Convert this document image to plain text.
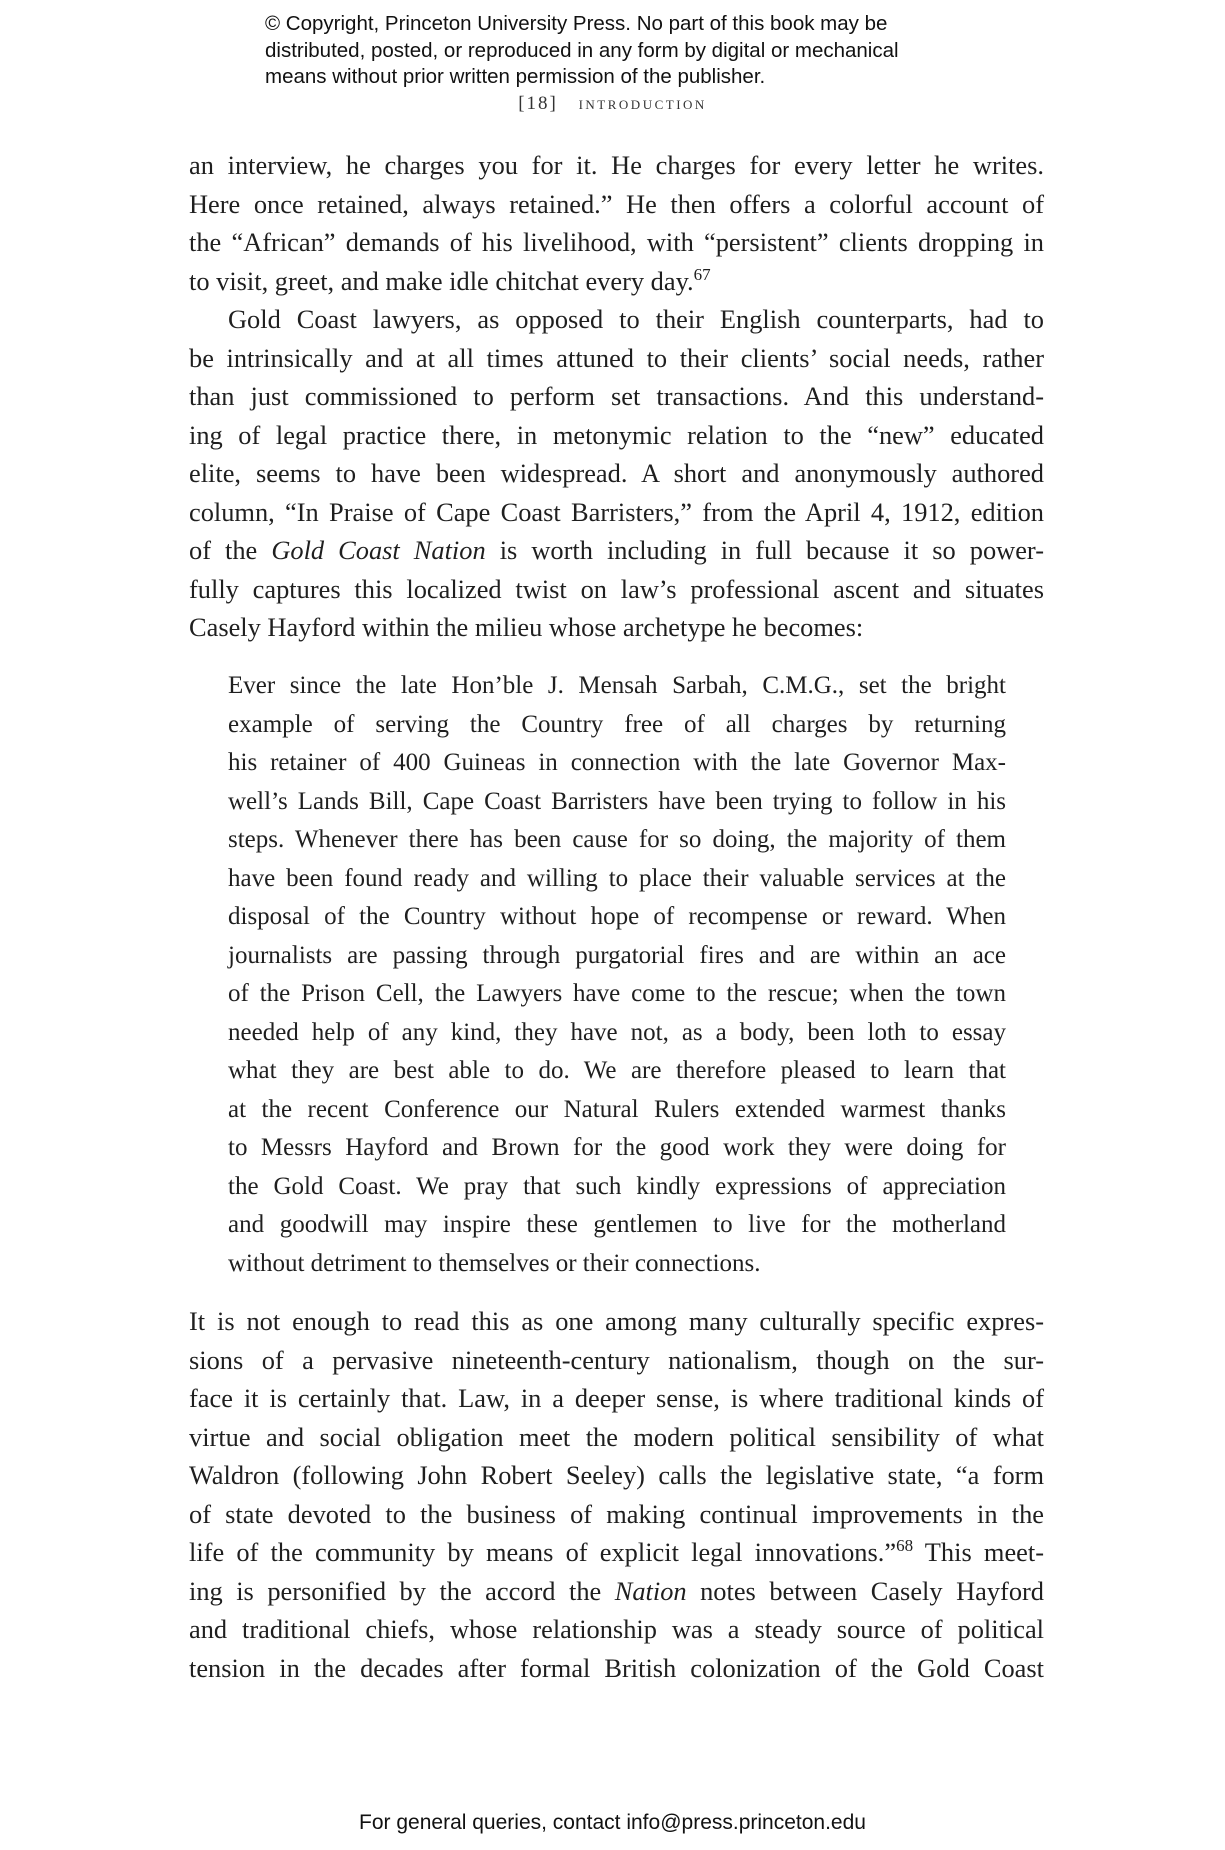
© Copyright, Princeton University Press. No part of this book may be
distributed, posted, or reproduced in any form by digital or mechanical
means without prior written permission of the publisher.
[18] introduction
an interview, he charges you for it. He charges for every letter he writes.
Here once retained, always retained.” He then offers a colorful account of
the “African” demands of his livelihood, with “persistent” clients dropping in
to visit, greet, and make idle chitchat every day.$^{67}$
Gold Coast lawyers, as opposed to their English counterparts, had to
be intrinsically and at all times attuned to their clients’ social needs, rather
than just commissioned to perform set transactions. And this understand-
ing of legal practice there, in metonymic relation to the “new” educated
elite, seems to have been widespread. A short and anonymously authored
column, “In Praise of Cape Coast Barristers,” from the April 4, 1912, edition
of the Gold Coast Nation is worth including in full because it so power-
fully captures this localized twist on law’s professional ascent and situates
Casely Hayford within the milieu whose archetype he becomes:
Ever since the late Hon’ble J. Mensah Sarbah, C.M.G., set the bright
example of serving the Country free of all charges by returning
his retainer of 400 Guineas in connection with the late Governor Max-
well’s Lands Bill, Cape Coast Barristers have been trying to follow in his
steps. Whenever there has been cause for so doing, the majority of them
have been found ready and willing to place their valuable services at the
disposal of the Country without hope of recompense or reward. When
journalists are passing through purgatorial fires and are within an ace
of the Prison Cell, the Lawyers have come to the rescue; when the town
needed help of any kind, they have not, as a body, been loth to essay
what they are best able to do. We are therefore pleased to learn that
at the recent Conference our Natural Rulers extended warmest thanks
to Messrs Hayford and Brown for the good work they were doing for
the Gold Coast. We pray that such kindly expressions of appreciation
and goodwill may inspire these gentlemen to live for the motherland
without detriment to themselves or their connections.
It is not enough to read this as one among many culturally specific expres-
sions of a pervasive nineteenth-century nationalism, though on the sur-
face it is certainly that. Law, in a deeper sense, is where traditional kinds of
virtue and social obligation meet the modern political sensibility of what
Waldron (following John Robert Seeley) calls the legislative state, “a form
of state devoted to the business of making continual improvements in the
life of the community by means of explicit legal innovations.”$^{68}$ This meet-
ing is personified by the accord the Nation notes between Casely Hayford
and traditional chiefs, whose relationship was a steady source of political
tension in the decades after formal British colonization of the Gold Coast
For general queries, contact info@press.princeton.edu
